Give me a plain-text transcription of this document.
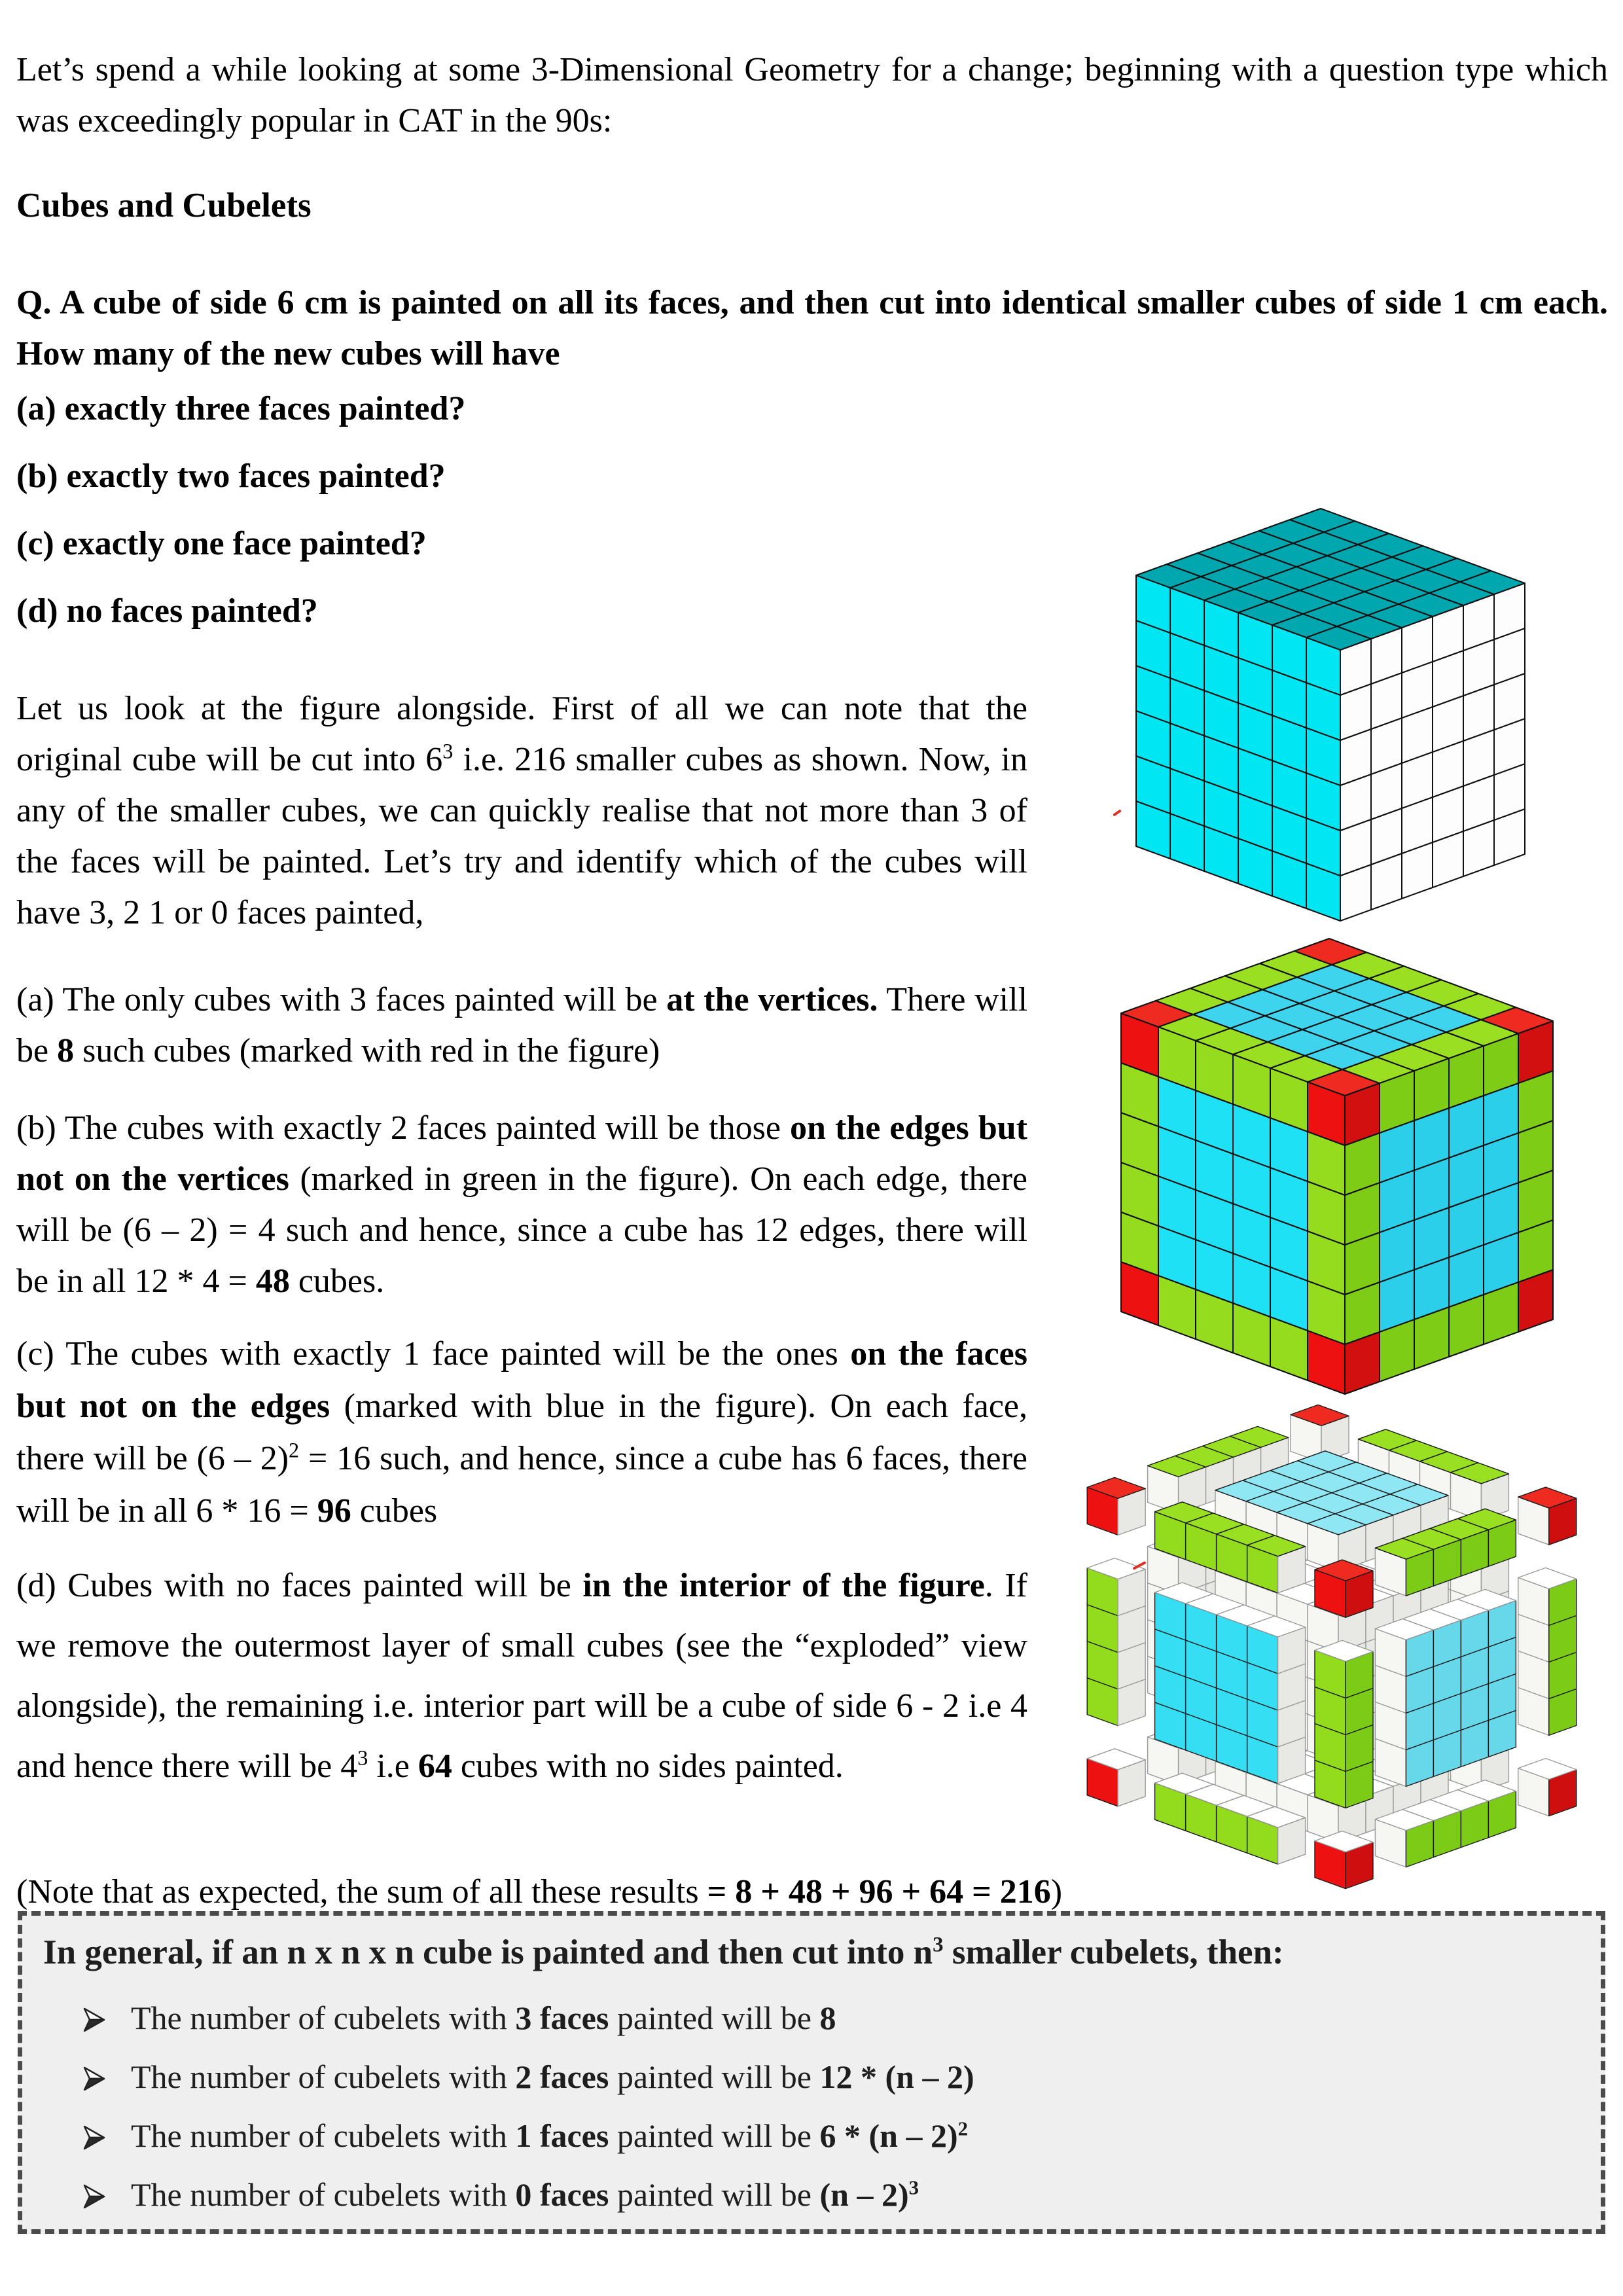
Let’s spend a while looking at some 3-Dimensional Geometry for a change; beginning with a question type which was exceedingly popular in CAT in the 90s:

Cubes and Cubelets

Q. A cube of side 6 cm is painted on all its faces, and then cut into identical smaller cubes of side 1 cm each. How many of the new cubes will have

(a) exactly three faces painted?

(b) exactly two faces painted?

(c) exactly one face painted?

(d) no faces painted?

Let us look at the figure alongside. First of all we can note that the original cube will be cut into $6^3$ i.e. 216 smaller cubes as shown. Now, in any of the smaller cubes, we can quickly realise that not more than 3 of the faces will be painted. Let’s try and identify which of the cubes will have 3, 2 1 or 0 faces painted,

(a) The only cubes with 3 faces painted will be at the vertices. There will be 8 such cubes (marked with red in the figure)

(b) The cubes with exactly 2 faces painted will be those on the edges but not on the vertices (marked in green in the figure). On each edge, there will be (6 – 2) = 4 such and hence, since a cube has 12 edges, there will be in all 12 * 4 = 48 cubes.

(c) The cubes with exactly 1 face painted will be the ones on the faces but not on the edges (marked with blue in the figure). On each face, there will be (6 – 2)$^2$ = 16 such, and hence, since a cube has 6 faces, there will be in all 6 * 16 = 96 cubes

(d) Cubes with no faces painted will be in the interior of the figure. If we remove the outermost layer of small cubes (see the “exploded” view alongside), the remaining i.e. interior part will be a cube of side 6 - 2 i.e 4 and hence there will be $4^3$ i.e 64 cubes with no sides painted.

(Note that as expected, the sum of all these results = 8 + 48 + 96 + 64 = 216)

In general, if an n x n x n cube is painted and then cut into $n^3$ smaller cubelets, then:
The number of cubelets with 3 faces painted will be 8
The number of cubelets with 2 faces painted will be 12 * (n – 2)
The number of cubelets with 1 faces painted will be 6 * (n – 2)$^2$
The number of cubelets with 0 faces painted will be (n – 2)$^3$
